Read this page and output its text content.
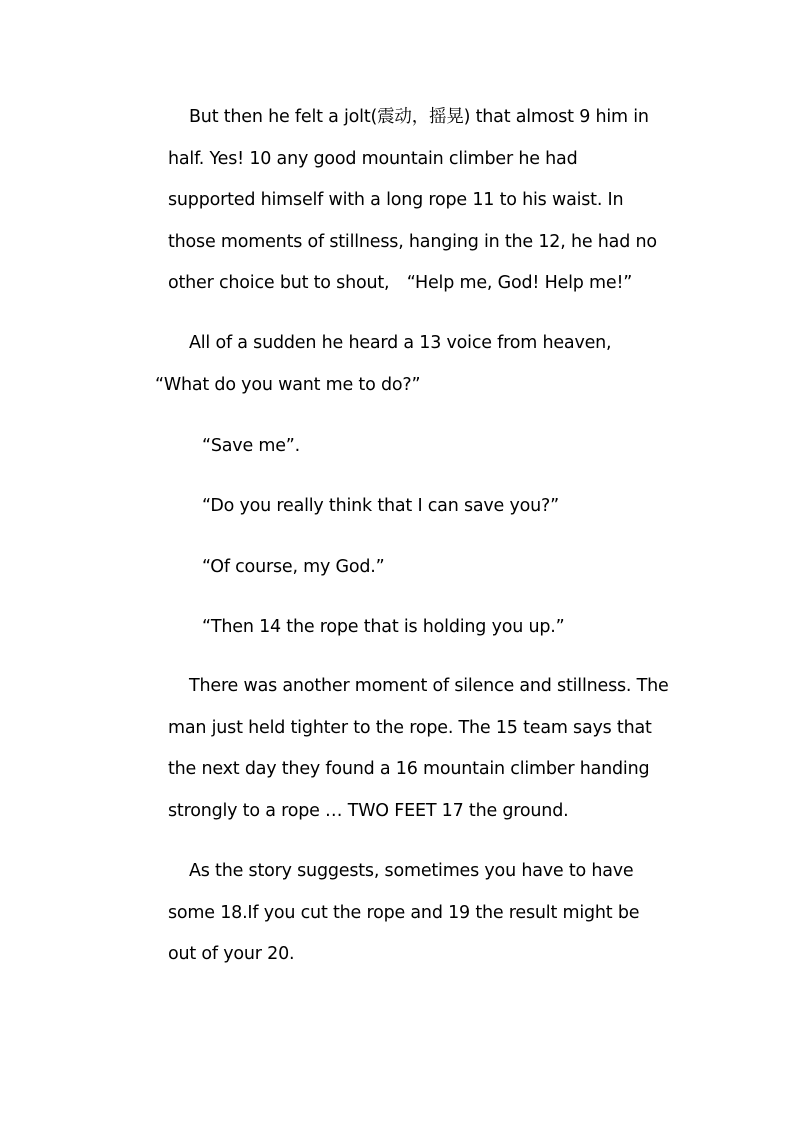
But then he felt a jolt(震动，摇晃) that almost 9 him in
half. Yes! 10 any good mountain climber he had
supported himself with a long rope 11 to his waist. In
those moments of stillness, hanging in the 12, he had no
other choice but to shout,　“Help me, God! Help me!”
All of a sudden he heard a 13 voice from heaven,
“What do you want me to do?”

“Save me”.

“Do you really think that I can save you?”

“Of course, my God.”

“Then 14 the rope that is holding you up.”

There was another moment of silence and stillness. The
man just held tighter to the rope. The 15 team says that
the next day they found a 16 mountain climber handing
strongly to a rope … TWO FEET 17 the ground.
As the story suggests, sometimes you have to have
some 18.If you cut the rope and 19 the result might be
out of your 20.
